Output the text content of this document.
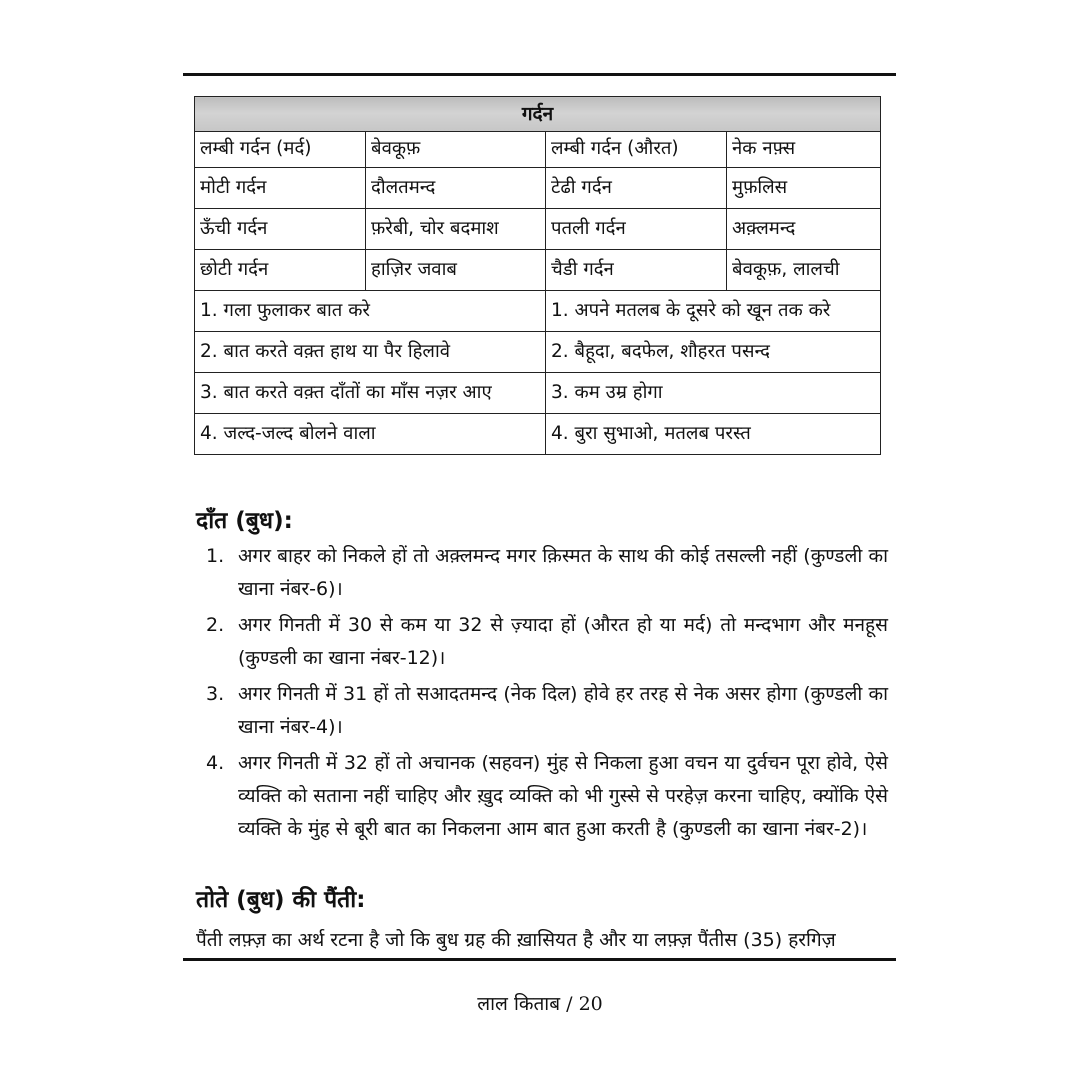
गर्दन			
लम्बी गर्दन (मर्द)	बेवकूफ़	लम्बी गर्दन (औरत)	नेक नफ़्स
मोटी गर्दन	दौलतमन्द	टेढी गर्दन	मुफ़लिस
ऊँची गर्दन	फ़रेबी, चोर बदमाश	पतली गर्दन	अक़्लमन्द
छोटी गर्दन	हाज़िर जवाब	चैडी गर्दन	बेवकूफ़, लालची
1. गला फुलाकर बात करे		1. अपने मतलब के दूसरे को खून तक करे	
2. बात करते वक़्त हाथ या पैर हिलावे		2. बैहूदा, बदफेल, शौहरत पसन्द	
3. बात करते वक़्त दाँतों का माँस नज़र आए		3. कम उम्र होगा	
4. जल्द-जल्द बोलने वाला		4. बुरा सुभाओ, मतलब परस्त	
दाँत (बुध):
1. अगर बाहर को निकले हों तो अक़्लमन्द मगर क़िस्मत के साथ की कोई तसल्ली नहीं (कुण्डली का खाना नंबर-6)।
2. अगर गिनती में 30 से कम या 32 से ज़्यादा हों (औरत हो या मर्द) तो मन्दभाग और मनहूस (कुण्डली का खाना नंबर-12)।
3. अगर गिनती में 31 हों तो सआदतमन्द (नेक दिल) होवे हर तरह से नेक असर होगा (कुण्डली का खाना नंबर-4)।
4. अगर गिनती में 32 हों तो अचानक (सहवन) मुंह से निकला हुआ वचन या दुर्वचन पूरा होवे, ऐसे व्यक्ति को सताना नहीं चाहिए और ख़ुद व्यक्ति को भी गुस्से से परहेज़ करना चाहिए, क्योंकि ऐसे व्यक्ति के मुंह से बूरी बात का निकलना आम बात हुआ करती है (कुण्डली का खाना नंबर-2)।
तोते (बुध) की पैंती:

पैंती लफ़्ज़ का अर्थ रटना है जो कि बुध ग्रह की ख़ासियत है और या लफ़्ज़ पैंतीस (35) हरगिज़

लाल किताब / 20
